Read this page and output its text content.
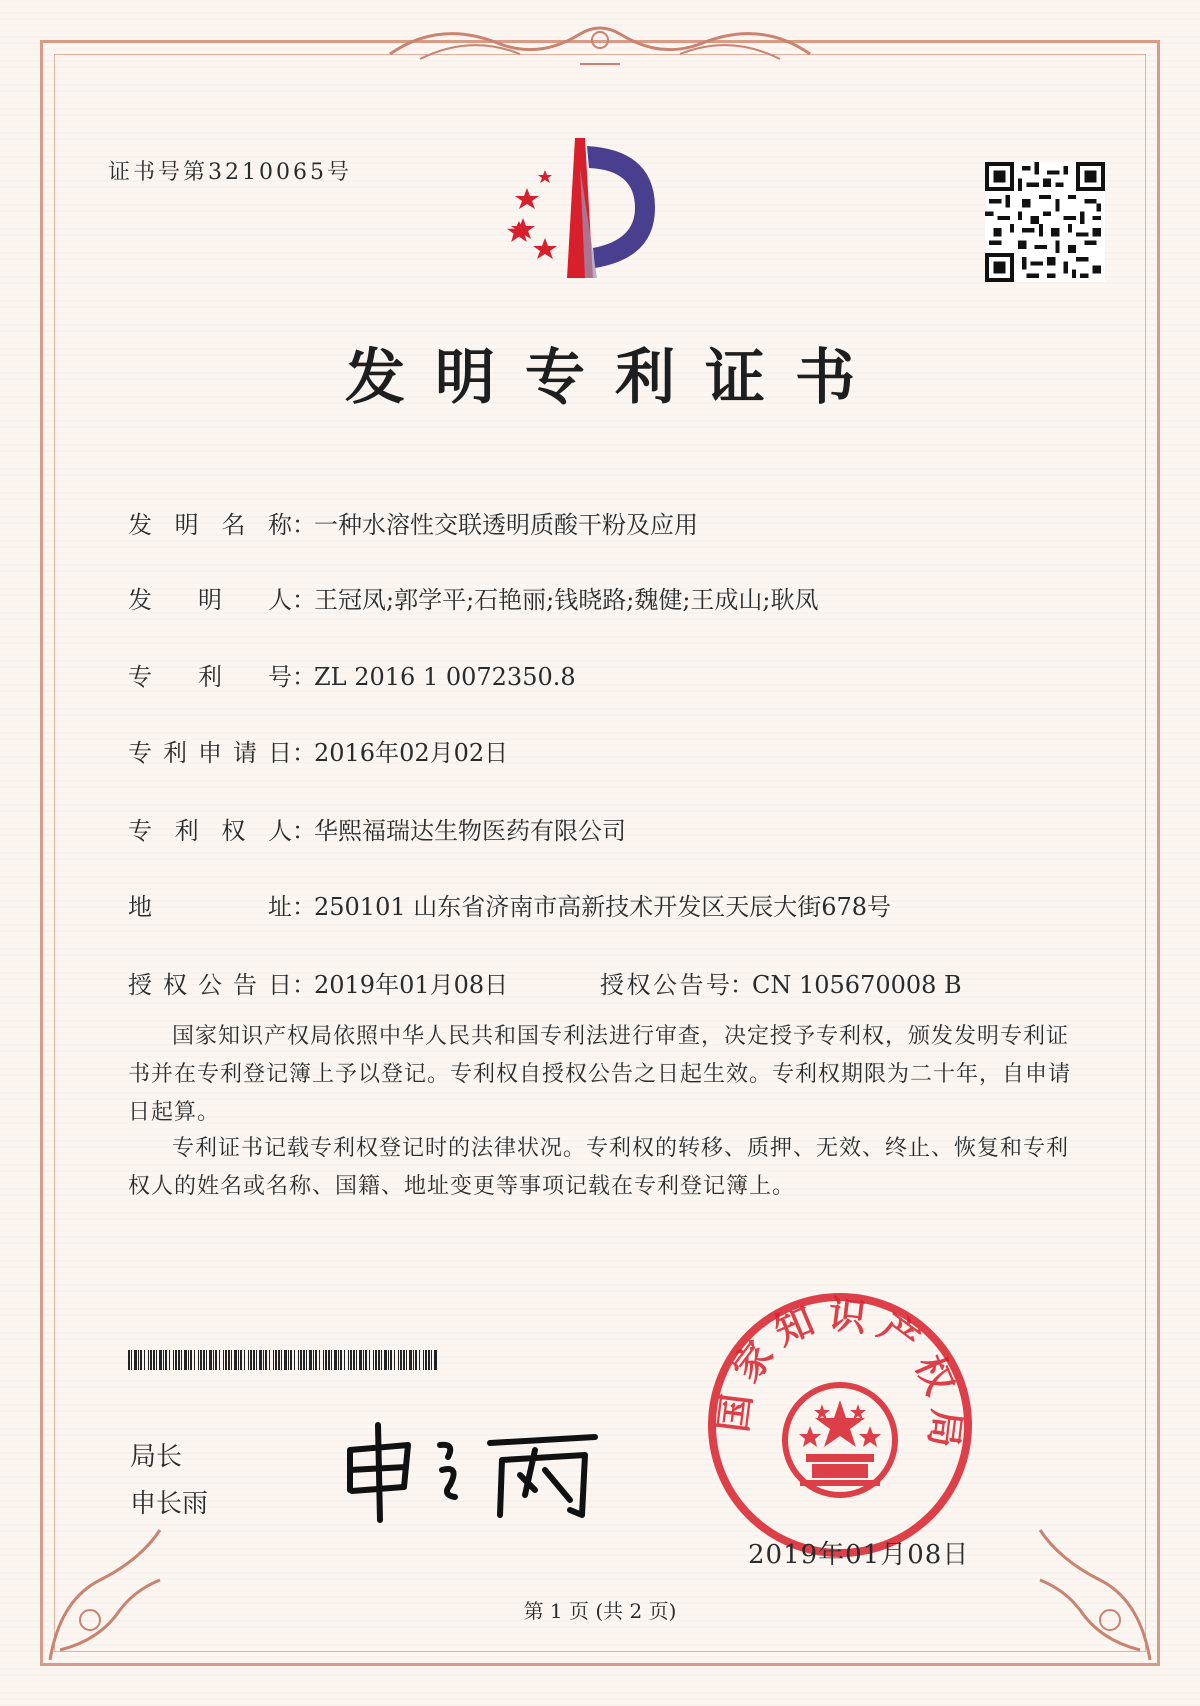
证书号第3210065号
发明专利证书
发明名称：一种水溶性交联透明质酸干粉及应用
发明人：王冠凤;郭学平;石艳丽;钱晓路;魏健;王成山;耿凤
专利号：ZL 2016 1 0072350.8
专利申请日：2016年02月02日
专利权人：华熙福瑞达生物医药有限公司
地址：250101 山东省济南市高新技术开发区天辰大街678号
授权公告日：2019年01月08日	授权公告号：CN 105670008 B
国家知识产权局依照中华人民共和国专利法进行审查，决定授予专利权，颁发发明专利证书并在专利登记簿上予以登记。专利权自授权公告之日起生效。专利权期限为二十年，自申请日起算。
专利证书记载专利权登记时的法律状况。专利权的转移、质押、无效、终止、恢复和专利权人的姓名或名称、国籍、地址变更等事项记载在专利登记簿上。
局长
申长雨
国家知识产权局
2019年01月08日
第 1 页 (共 2 页)
